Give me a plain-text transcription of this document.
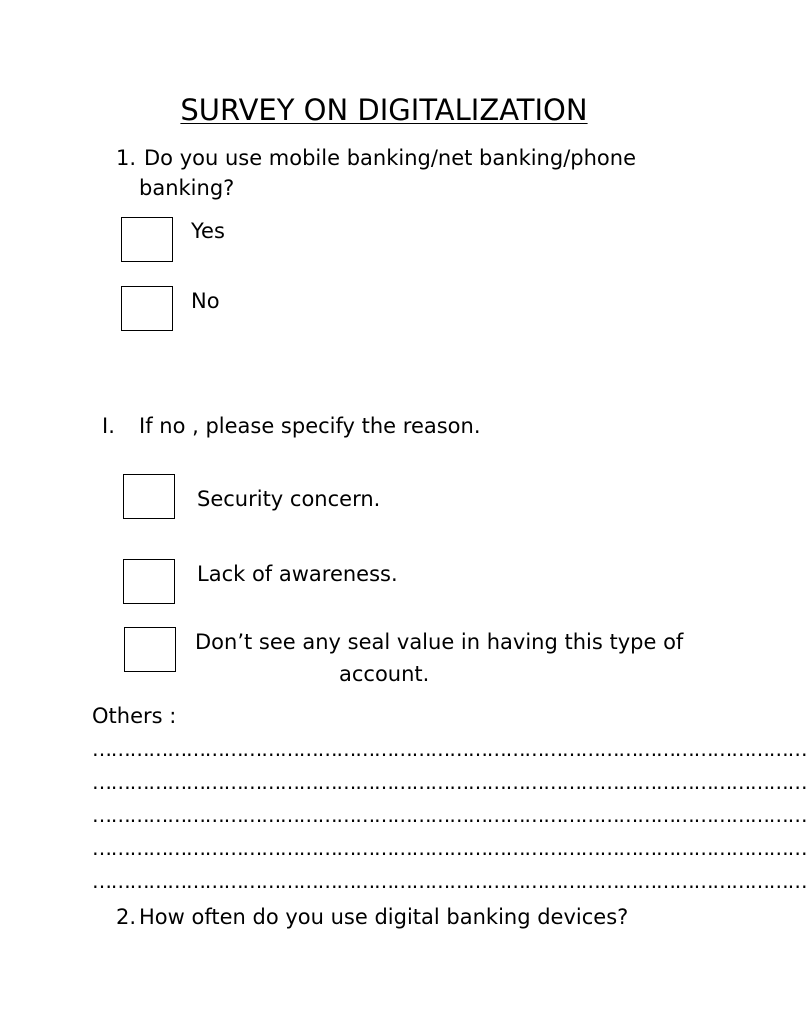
SURVEY ON DIGITALIZATION
1. Do you use mobile banking/net banking/phone
banking?
Yes
No
I. If no , please specify the reason.
Security concern.
Lack of awareness.
Don’t see any seal value in having this type of
account.
Others :
……………………………………………………………………………………………………
……………………………………………………………………………………………………
……………………………………………………………………………………………………
……………………………………………………………………………………………………
……………………………………………………………………………………………………
2. How often do you use digital banking devices?
